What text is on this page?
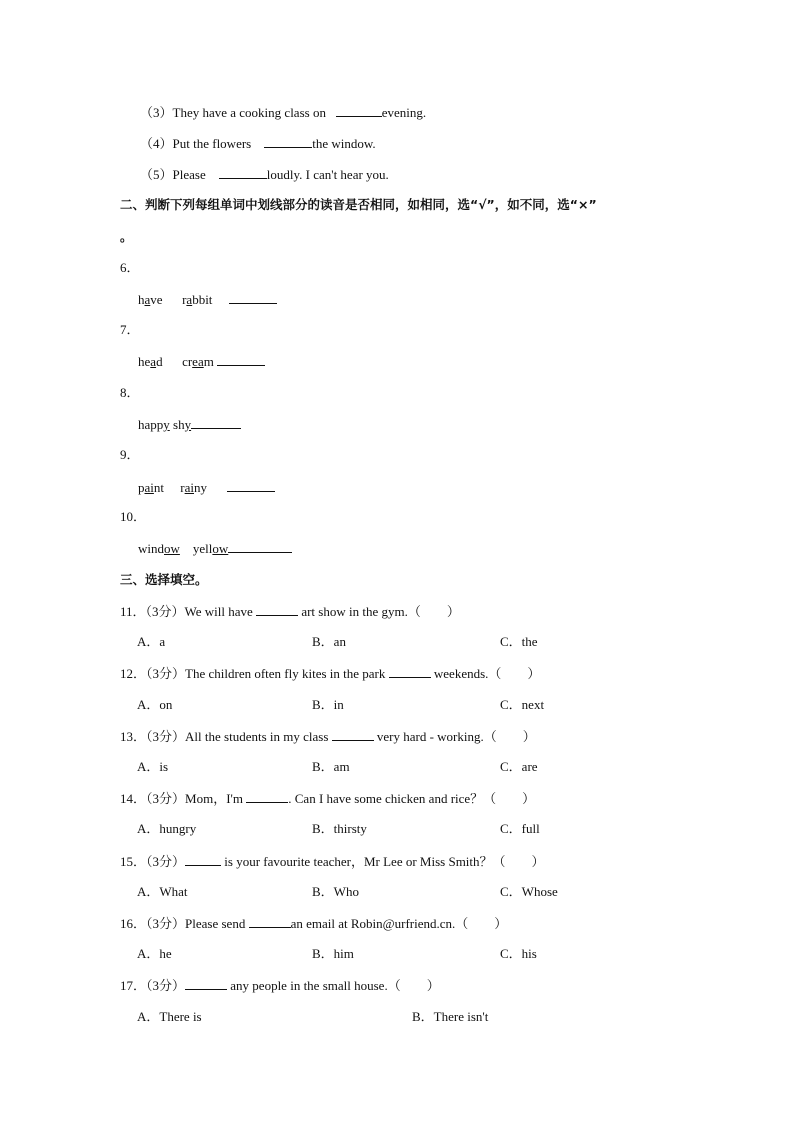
（3）They have a cooking class on	evening.
（4）Put the flowers	the window.
（5）Please	loudly. I can't hear you.
二、判断下列每组单词中划线部分的读音是否相同，如相同，选“√”，如不同，选“×”
。
6．
have rabbit
7．
head cream
8．
happy shy
9．
paint rainy
10．
window yellow
三、选择填空。
11．（3分）We will have	art show in the gym.（　　）
A．a	B．an	C．the
12．（3分）The children often fly kites in the park	weekends.（　　）
A．on	B．in	C．next
13．（3分）All the students in my class	very hard - working.（　　）
A．is	B．am	C．are
14．（3分）Mom，I'm	. Can I have some chicken and rice？（　　）
A．hungry	B．thirsty	C．full
15．（3分）	is your favourite teacher，Mr Lee or Miss Smith？（　　）
A．What	B．Who	C．Whose
16．（3分）Please send	an email at Robin@urfriend.cn.（　　）
A．he	B．him	C．his
17．（3分）	any people in the small house.（　　）
A．There is	B．There isn't
